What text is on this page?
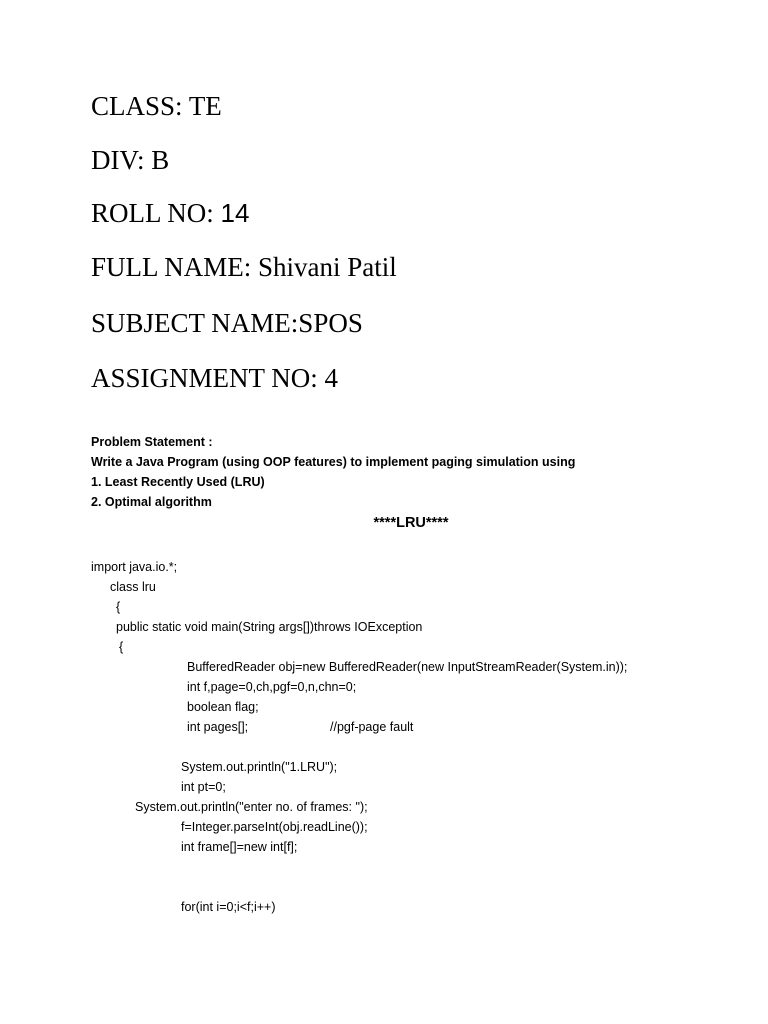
CLASS: TE
DIV: B
ROLL NO: 14
FULL NAME: Shivani Patil
SUBJECT NAME:SPOS
ASSIGNMENT NO: 4
Problem Statement :
Write a Java Program (using OOP features) to implement paging simulation using
1. Least Recently Used (LRU)
2. Optimal algorithm
****LRU****
import java.io.*;
class lru
{
public static void main(String args[])throws IOException
{
BufferedReader obj=new BufferedReader(new InputStreamReader(System.in));
int f,page=0,ch,pgf=0,n,chn=0;
boolean flag;
int pages[];	//pgf-page fault
System.out.println("1.LRU");
int pt=0;
System.out.println("enter no. of frames: ");
f=Integer.parseInt(obj.readLine());
int frame[]=new int[f];
for(int i=0;i<f;i++)
